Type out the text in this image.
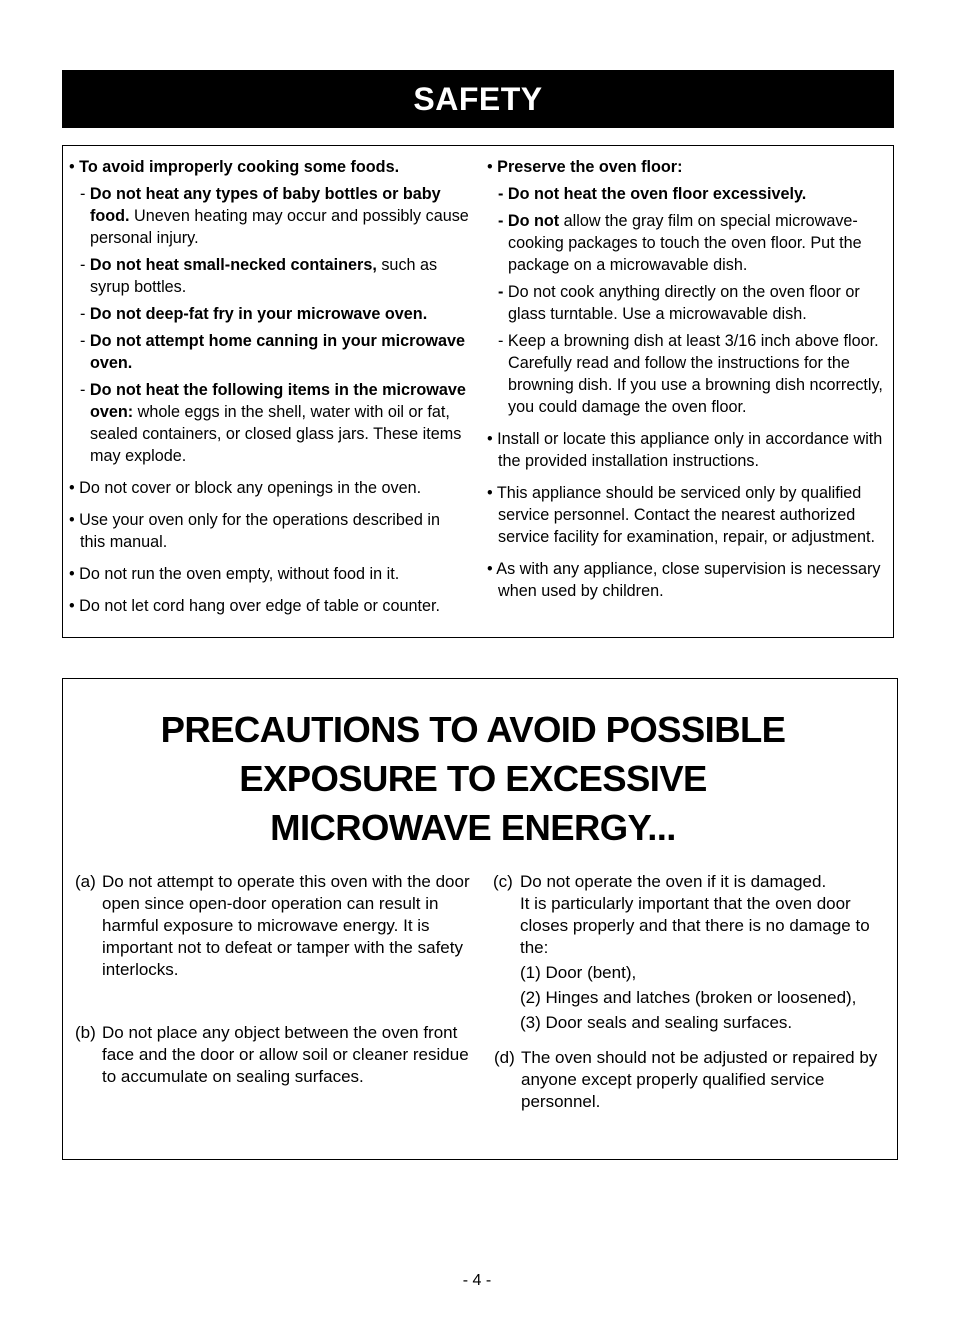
SAFETY
• To avoid improperly cooking some foods.
- Do not heat any types of baby bottles or baby food. Uneven heating may occur and possibly cause personal injury.
- Do not heat small-necked containers, such as syrup bottles.
- Do not deep-fat fry in your microwave oven.
- Do not attempt home canning in your microwave oven.
- Do not heat the following items in the microwave oven: whole eggs in the shell, water with oil or fat, sealed containers, or closed glass jars. These items may explode.
• Do not cover or block any openings in the oven.
• Use your oven only for the operations described in this manual.
• Do not run the oven empty, without food in it.
• Do not let cord hang over edge of table or counter.
• Preserve the oven floor:
- Do not heat the oven floor excessively.
- Do not allow the gray film on special microwave-cooking packages to touch the oven floor. Put the package on a microwavable dish.
- Do not cook anything directly on the oven floor or glass turntable. Use a microwavable dish.
- Keep a browning dish at least 3/16 inch above floor. Carefully read and follow the instructions for the browning dish. If you use a browning dish ncorrectly, you could damage the oven floor.
• Install or locate this appliance only in accordance with the provided installation instructions.
• This appliance should be serviced only by qualified service personnel. Contact the nearest authorized service facility for examination, repair, or adjustment.
• As with any appliance, close supervision is necessary when used by children.
PRECAUTIONS TO AVOID POSSIBLE
EXPOSURE TO EXCESSIVE
MICROWAVE ENERGY...
(a) Do not attempt to operate this oven with the door open since open-door operation can result in harmful exposure to microwave energy. It is important not to defeat or tamper with the safety interlocks.
(b) Do not place any object between the oven front face and the door or allow soil or cleaner residue to accumulate on sealing surfaces.
(c) Do not operate the oven if it is damaged.
It is particularly important that the oven door closes properly and that there is no damage to the:
(1) Door (bent),
(2) Hinges and latches (broken or loosened),
(3) Door seals and sealing surfaces.
(d) The oven should not be adjusted or repaired by anyone except properly qualified service personnel.
- 4 -
